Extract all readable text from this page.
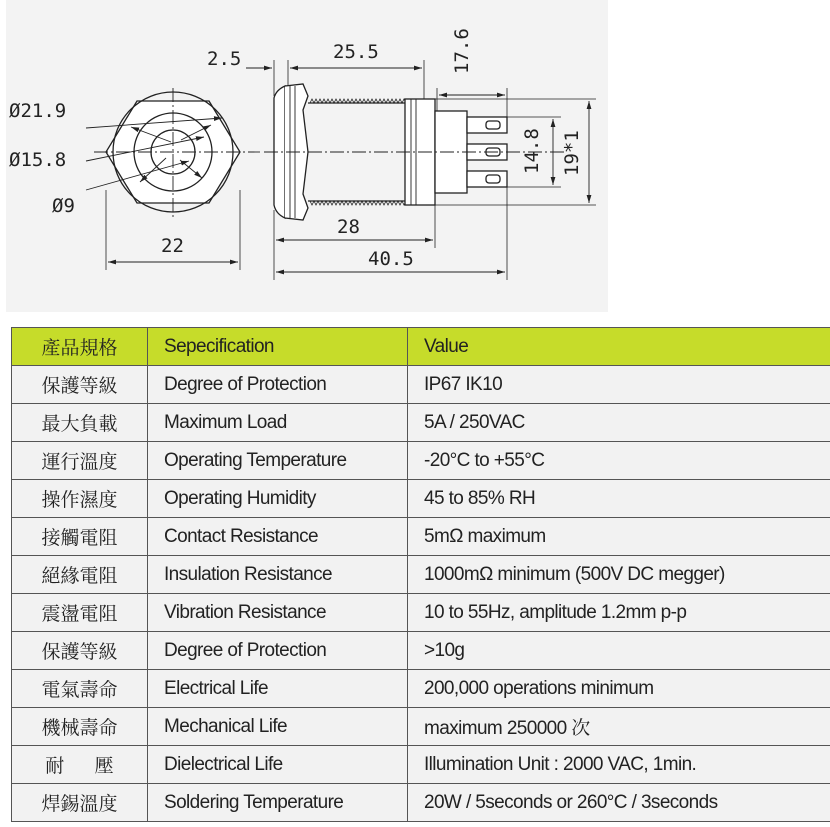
Ø21.9
Ø15.8
Ø9
22
2.5	25.5	17.6
14.8 19*1
28
40.5
產品規格	Sepecification	Value
保護等級	Degree of Protection	IP67 IK10
最大負載	Maximum Load	5A / 250VAC
運行溫度	Operating Temperature	-20°C to +55°C
操作濕度	Operating Humidity	45 to 85% RH
接觸電阻	Contact Resistance	5mΩ maximum
絕緣電阻	Insulation Resistance	1000mΩ minimum (500V DC megger)
震盪電阻	Vibration Resistance	10 to 55Hz, amplitude 1.2mm p-p
保護等級	Degree of Protection	>10g
電氣壽命	Electrical Life	200,000 operations minimum
機械壽命	Mechanical Life	maximum 250000 次
耐壓	Dielectrical Life	Illumination Unit : 2000 VAC, 1min.
焊錫溫度	Soldering Temperature	20W / 5seconds or 260°C / 3seconds
